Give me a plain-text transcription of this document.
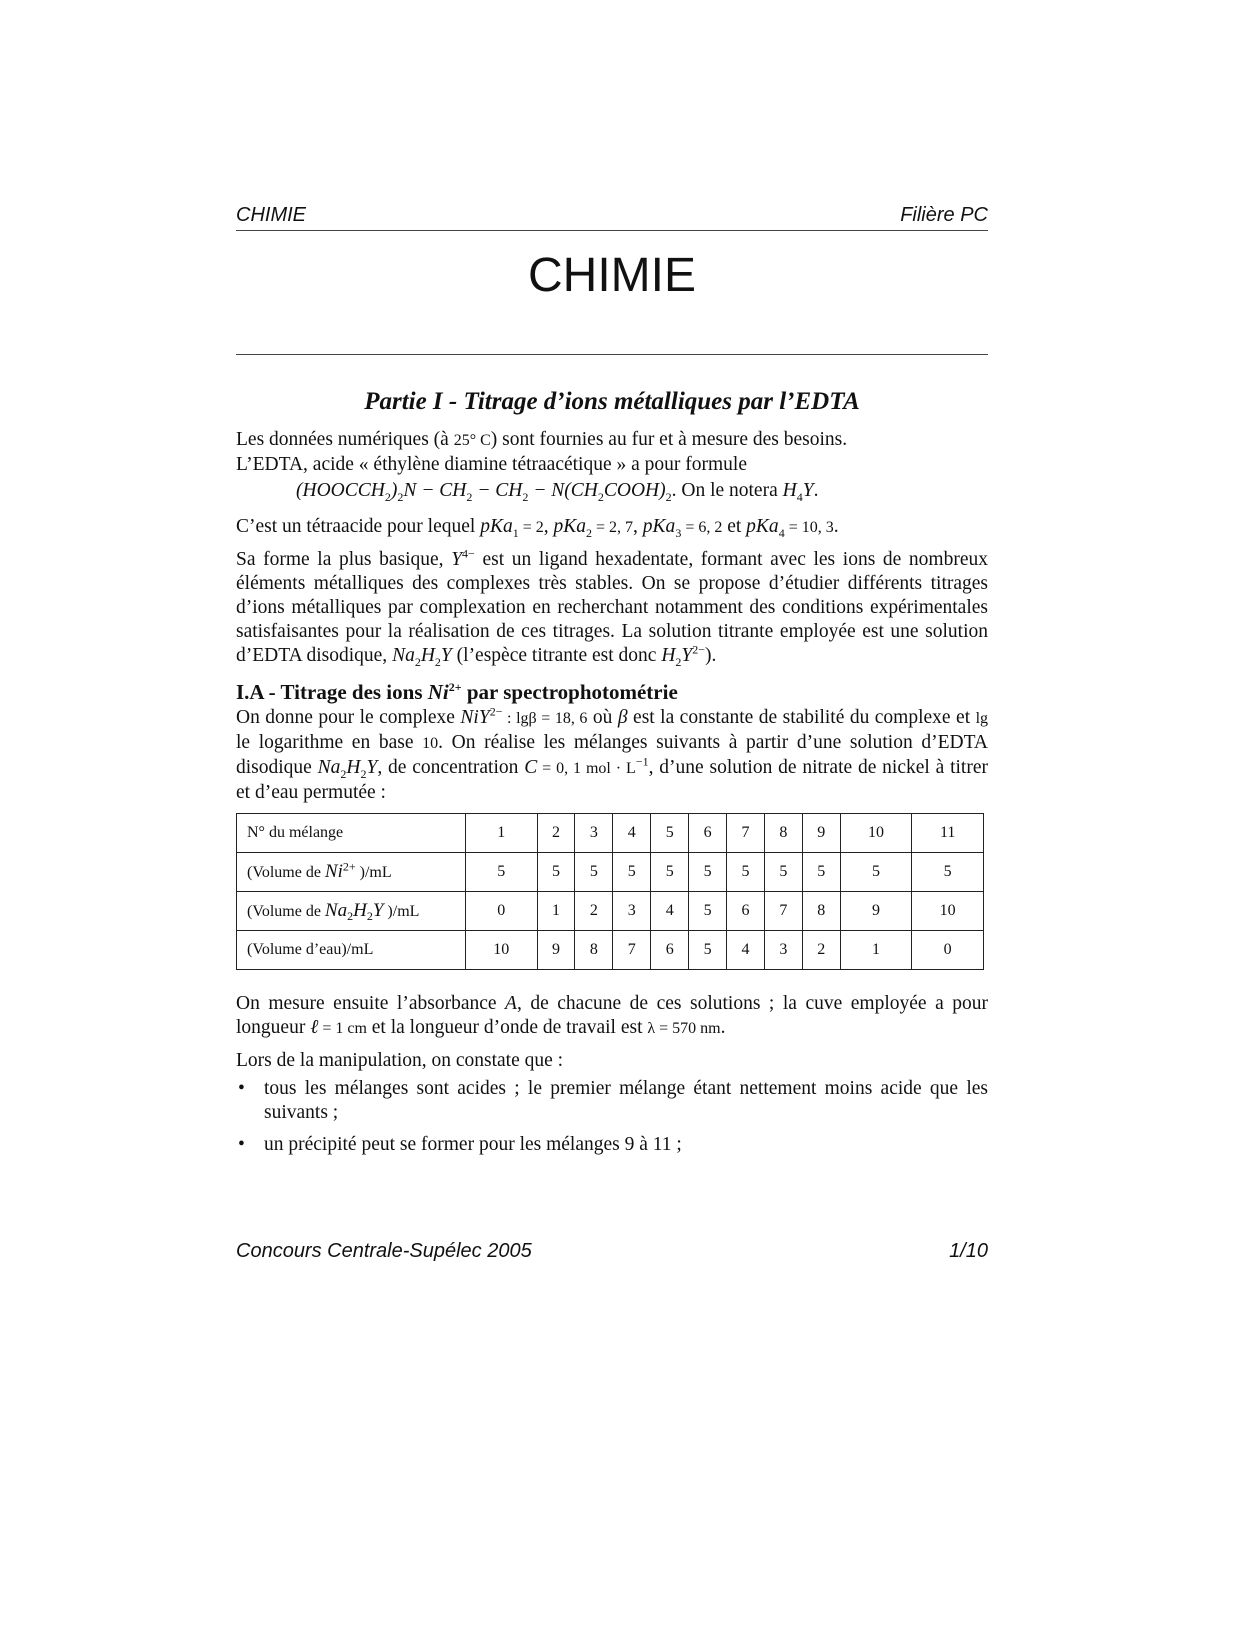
CHIMIE	Filière PC
CHIMIE
Partie I - Titrage d’ions métalliques par l’EDTA

Les données numériques (à 25° C) sont fournies au fur et à mesure des besoins.

L’EDTA, acide « éthylène diamine tétraacétique » a pour formule

$(HOOCCH_2)_2N - CH_2 - CH_2$ − $N(CH_2COOH)_2$. On le notera $H_4Y$.

C’est un tétraacide pour lequel pKa$_1$ = 2, pKa$_2$ = 2, 7, pKa$_3$ = 6, 2 et pKa$_4$ = 10, 3.

Sa forme la plus basique, $Y^{4-}$ est un ligand hexadentate, formant avec les ions de nombreux éléments métalliques des complexes très stables. On se propose d’étudier différents titrages d’ions métalliques par complexation en recherchant notamment des conditions expérimentales satisfaisantes pour la réalisation de ces titrages. La solution titrante employée est une solution d’EDTA disodique, $Na_2H_2Y$ (l’espèce titrante est donc $H_2Y^{2-}$).

I.A - Titrage des ions $Ni^{2+}$ par spectrophotométrie

On donne pour le complexe NiY$^{2-}$ : lgβ = 18, 6 où β est la constante de stabilité du complexe et lg le logarithme en base 10. On réalise les mélanges suivants à partir d’une solution d’EDTA disodique $Na_2H_2Y$, de concentration C = 0, 1 mol · $L^{-1}$, d’une solution de nitrate de nickel à titrer et d’eau permutée :

N° du mélange	1	2	3	4	5	6	7	8	9	10	11
(Volume de $Ni^{2+}$ )/mL	5	5	5	5	5	5	5	5	5	5	5
(Volume de $Na_2H_2Y$ )/mL	0	1	2	3	4	5	6	7	8	9	10
(Volume d’eau)/mL	10	9	8	7	6	5	4	3	2	1	0

On mesure ensuite l’absorbance A, de chacune de ces solutions ; la cuve employée a pour longueur ℓ = 1 cm et la longueur d’onde de travail est λ = 570 nm.

Lors de la manipulation, on constate que :

• tous les mélanges sont acides ; le premier mélange étant nettement moins acide que les suivants ;
• un précipité peut se former pour les mélanges 9 à 11 ;
Concours Centrale-Supélec 2005	1/10
